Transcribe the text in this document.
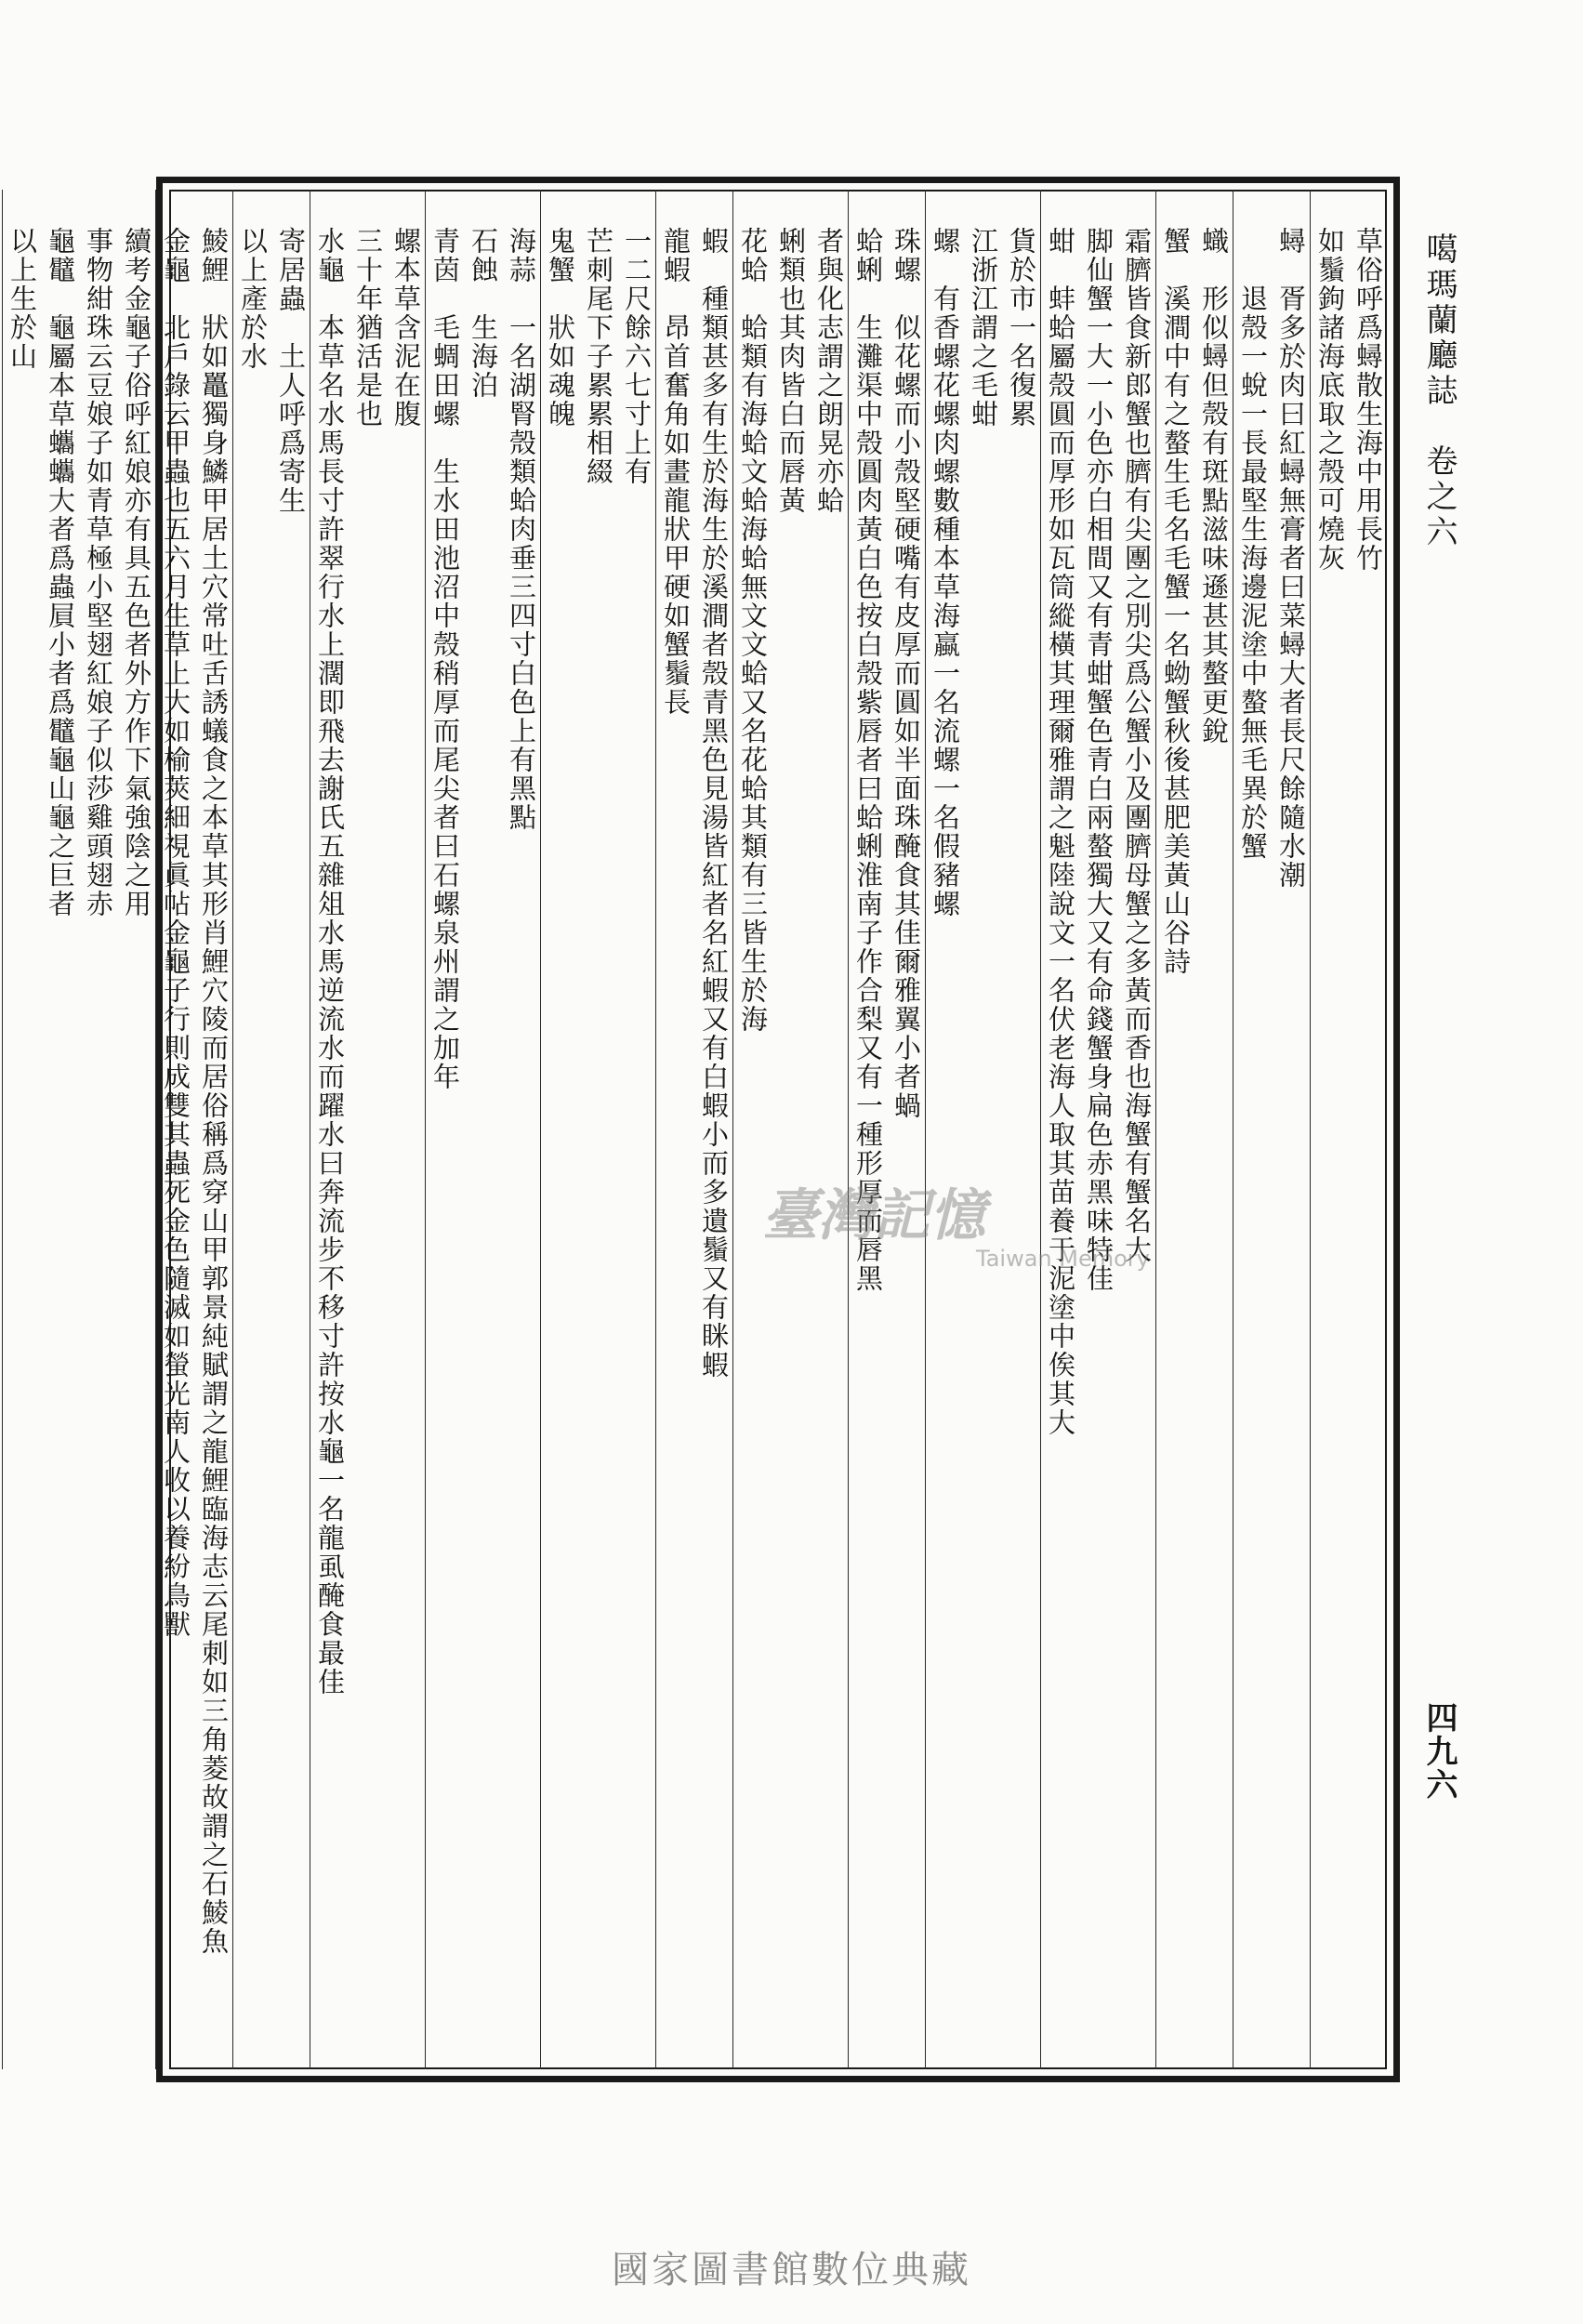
噶瑪蘭廳誌　卷之六
草俗呼爲蟳散生海中用長竹
如鬚鉤諸海底取之殼可燒灰
蟳　胥多於肉曰紅蟳無膏者曰菜蟳大者長尺餘隨水潮
　　退殼一蛻一長最堅生海邊泥塗中螯無毛異於蟹
蟙　形似蟳但殼有斑點滋味遜甚其螯更銳
蟹　溪澗中有之螯生毛名毛蟹一名蚴蟹秋後甚肥美黃山谷詩
霜臍皆食新郎蟹也臍有尖團之別尖爲公蟹小及團臍母蟹之多黃而香也海蟹有蟹名大
脚仙蟹一大一小色亦白相間又有青蚶蟹色青白兩螯獨大又有命錢蟹身扁色赤黑味特佳
蚶　蚌蛤屬殼圓而厚形如瓦筒縱橫其理爾雅謂之魁陸說文一名伏老海人取其苗養于泥塗中俟其大
貨於市一名復累
江浙江謂之毛蚶
螺　有香螺花螺肉螺數種本草海蠃一名流螺一名假豬螺
珠螺　似花螺而小殼堅硬嘴有皮厚而圓如半面珠醃食其佳爾雅翼小者蝸
蛤蜊　生灘渠中殼圓肉黃白色按白殼紫唇者曰蛤蜊淮南子作合梨又有一種形厚而唇黑
者與化志謂之朗晃亦蛤
蜊類也其肉皆白而唇黃
花蛤　蛤類有海蛤文蛤海蛤無文文蛤又名花蛤其類有三皆生於海
蝦　種類甚多有生於海生於溪澗者殼青黑色見湯皆紅者名紅蝦又有白蝦小而多遺鬚又有眯蝦
龍蝦　昂首奮角如畫龍狀甲硬如蟹鬚長
一二尺餘六七寸上有
芒刺尾下子累累相綴
鬼蟹　狀如魂魄
海蒜　一名湖腎殼類蛤肉垂三四寸白色上有黑點
石蝕　生海泊
青茵　毛蜩田螺　生水田池沼中殼稍厚而尾尖者曰石螺泉州謂之加年
螺本草含泥在腹
三十年猶活是也
水龜　本草名水馬長寸許翠行水上濶即飛去謝氏五雜俎水馬逆流水而躍水曰奔流步不移寸許按水龜一名龍虱醃食最佳
寄居蟲　土人呼爲寄生
以上產於水
鯪鯉　狀如鼉獨身鱗甲居土穴常吐舌誘蟻食之本草其形肖鯉穴陵而居俗稱爲穿山甲郭景純賦謂之龍鯉臨海志云尾刺如三角菱故謂之石鯪魚
金龜　北戶錄云甲蟲也五六月生草上大如榆莢細視眞帖金龜子行則成雙其蟲死金色隨滅如螢光南人收以養紛鳥獸
續考金龜子俗呼紅娘亦有具五色者外方作下氣強陰之用
事物紺珠云豆娘子如青草極小堅翅紅娘子似莎雞頭翅赤
龜鼊　龜屬本草蠵蠵大者爲蟲屓小者爲鼊龜山龜之巨者
以上生於山
臺灣記憶
Taiwan Memory
四九六
國家圖書館數位典藏
